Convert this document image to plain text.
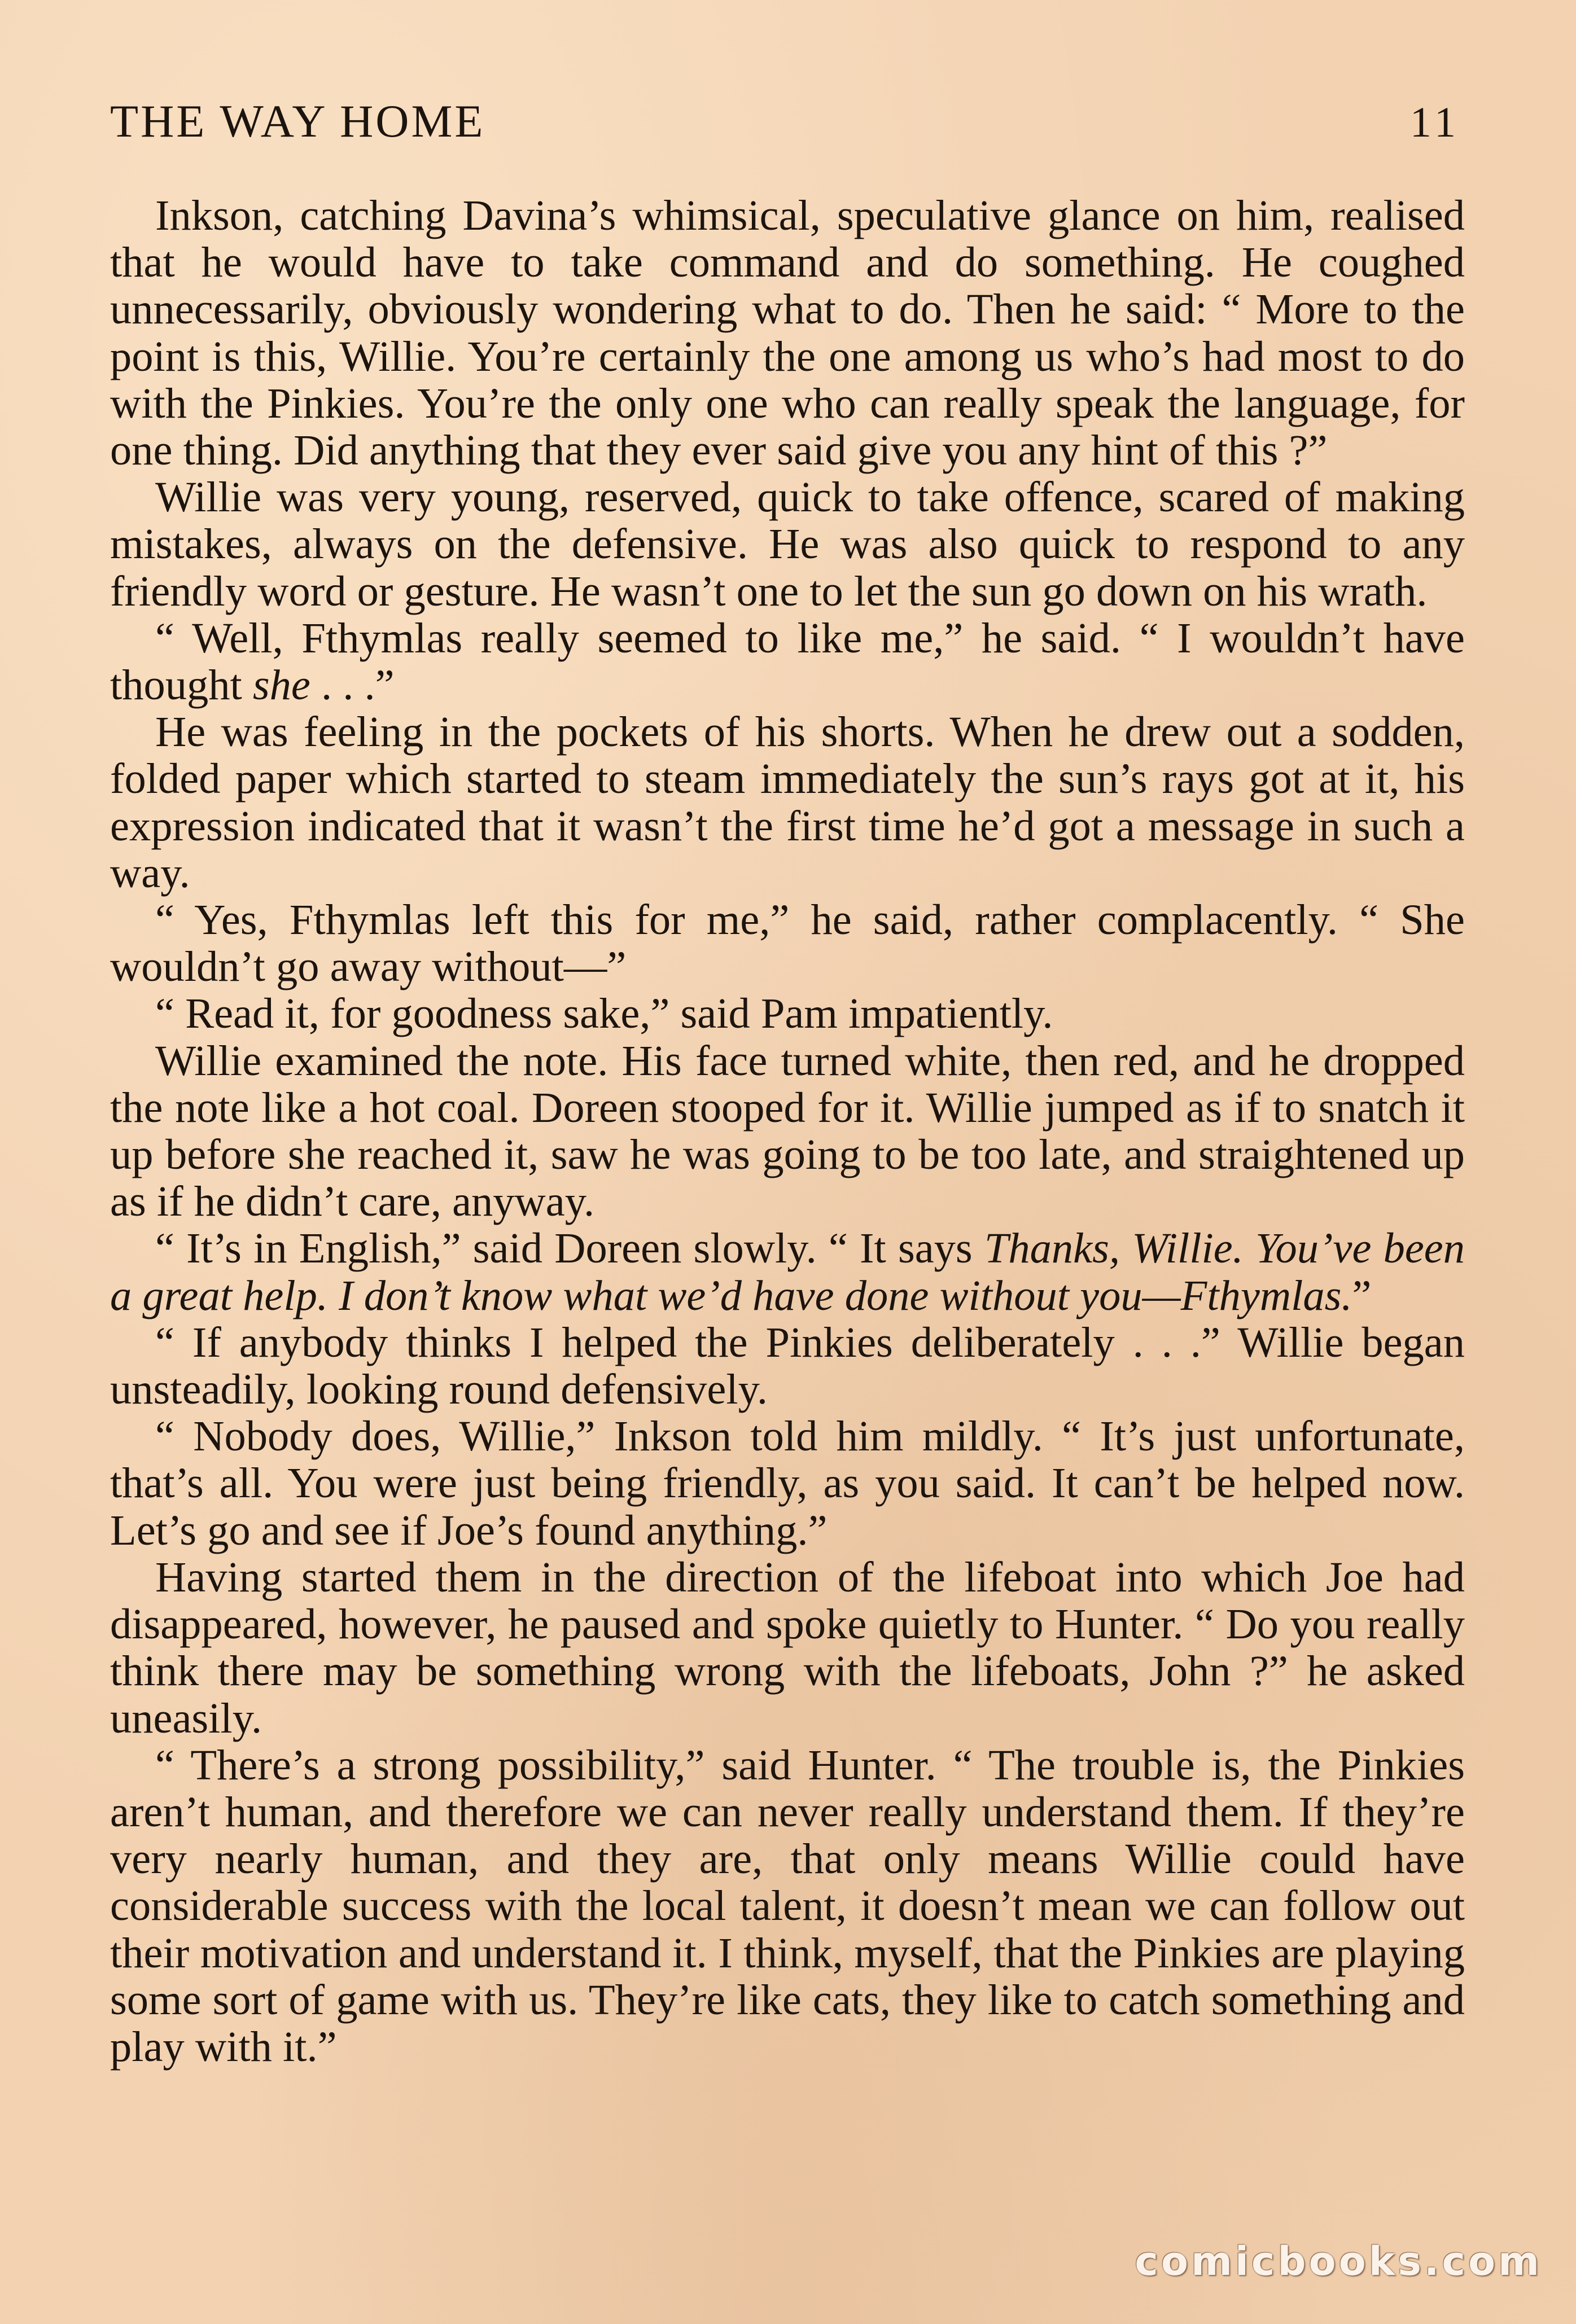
THE WAY HOME	11

Inkson, catching Davina’s whimsical, speculative glance on him, realised that he would have to take command and do something. He coughed unnecessarily, obviously wondering what to do. Then he said: “ More to the point is this, Willie. You’re certainly the one among us who’s had most to do with the Pinkies. You’re the only one who can really speak the language, for one thing. Did anything that they ever said give you any hint of this ?”

Willie was very young, reserved, quick to take offence, scared of making mistakes, always on the defensive. He was also quick to respond to any friendly word or gesture. He wasn’t one to let the sun go down on his wrath.

“ Well, Fthymlas really seemed to like me,” he said. “ I wouldn’t have thought she . . .”

He was feeling in the pockets of his shorts. When he drew out a sodden, folded paper which started to steam immediately the sun’s rays got at it, his expression indicated that it wasn’t the first time he’d got a message in such a way.

“ Yes, Fthymlas left this for me,” he said, rather complacently. “ She wouldn’t go away without—”

“ Read it, for goodness sake,” said Pam impatiently.

Willie examined the note. His face turned white, then red, and he dropped the note like a hot coal. Doreen stooped for it. Willie jumped as if to snatch it up before she reached it, saw he was going to be too late, and straightened up as if he didn’t care, anyway.

“ It’s in English,” said Doreen slowly. “ It says Thanks, Willie. You’ve been a great help. I don’t know what we’d have done without you—Fthymlas.”

“ If anybody thinks I helped the Pinkies deliberately . . .” Willie began unsteadily, looking round defensively.

“ Nobody does, Willie,” Inkson told him mildly. “ It’s just unfortunate, that’s all. You were just being friendly, as you said. It can’t be helped now. Let’s go and see if Joe’s found anything.”

Having started them in the direction of the lifeboat into which Joe had disappeared, however, he paused and spoke quietly to Hunter. “ Do you really think there may be something wrong with the lifeboats, John ?” he asked uneasily.

“ There’s a strong possibility,” said Hunter. “ The trouble is, the Pinkies aren’t human, and therefore we can never really understand them. If they’re very nearly human, and they are, that only means Willie could have considerable success with the local talent, it doesn’t mean we can follow out their motivation and understand it. I think, myself, that the Pinkies are playing some sort of game with us. They’re like cats, they like to catch something and play with it.”

comicbooks.com
